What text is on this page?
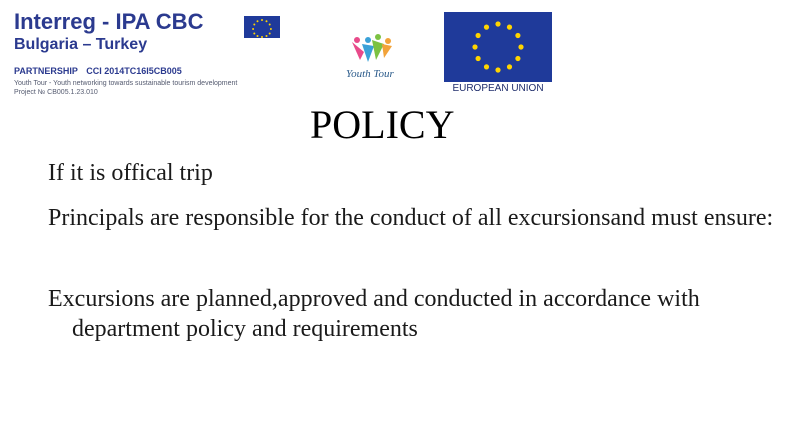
Interreg - IPA CBC
Bulgaria – Turkey
PARTNERSHIP CCI 2014TC16I5CB005
Youth Tour - Youth networking towards sustainable tourism development
Project № CB005.1.23.010
Youth Tour
EUROPEAN UNION
POLICY
If it is offical trip
Principals are responsible for the conduct of all excursionsand must ensure:
Excursions are planned,approved and conducted in accordance with department policy and requirements
